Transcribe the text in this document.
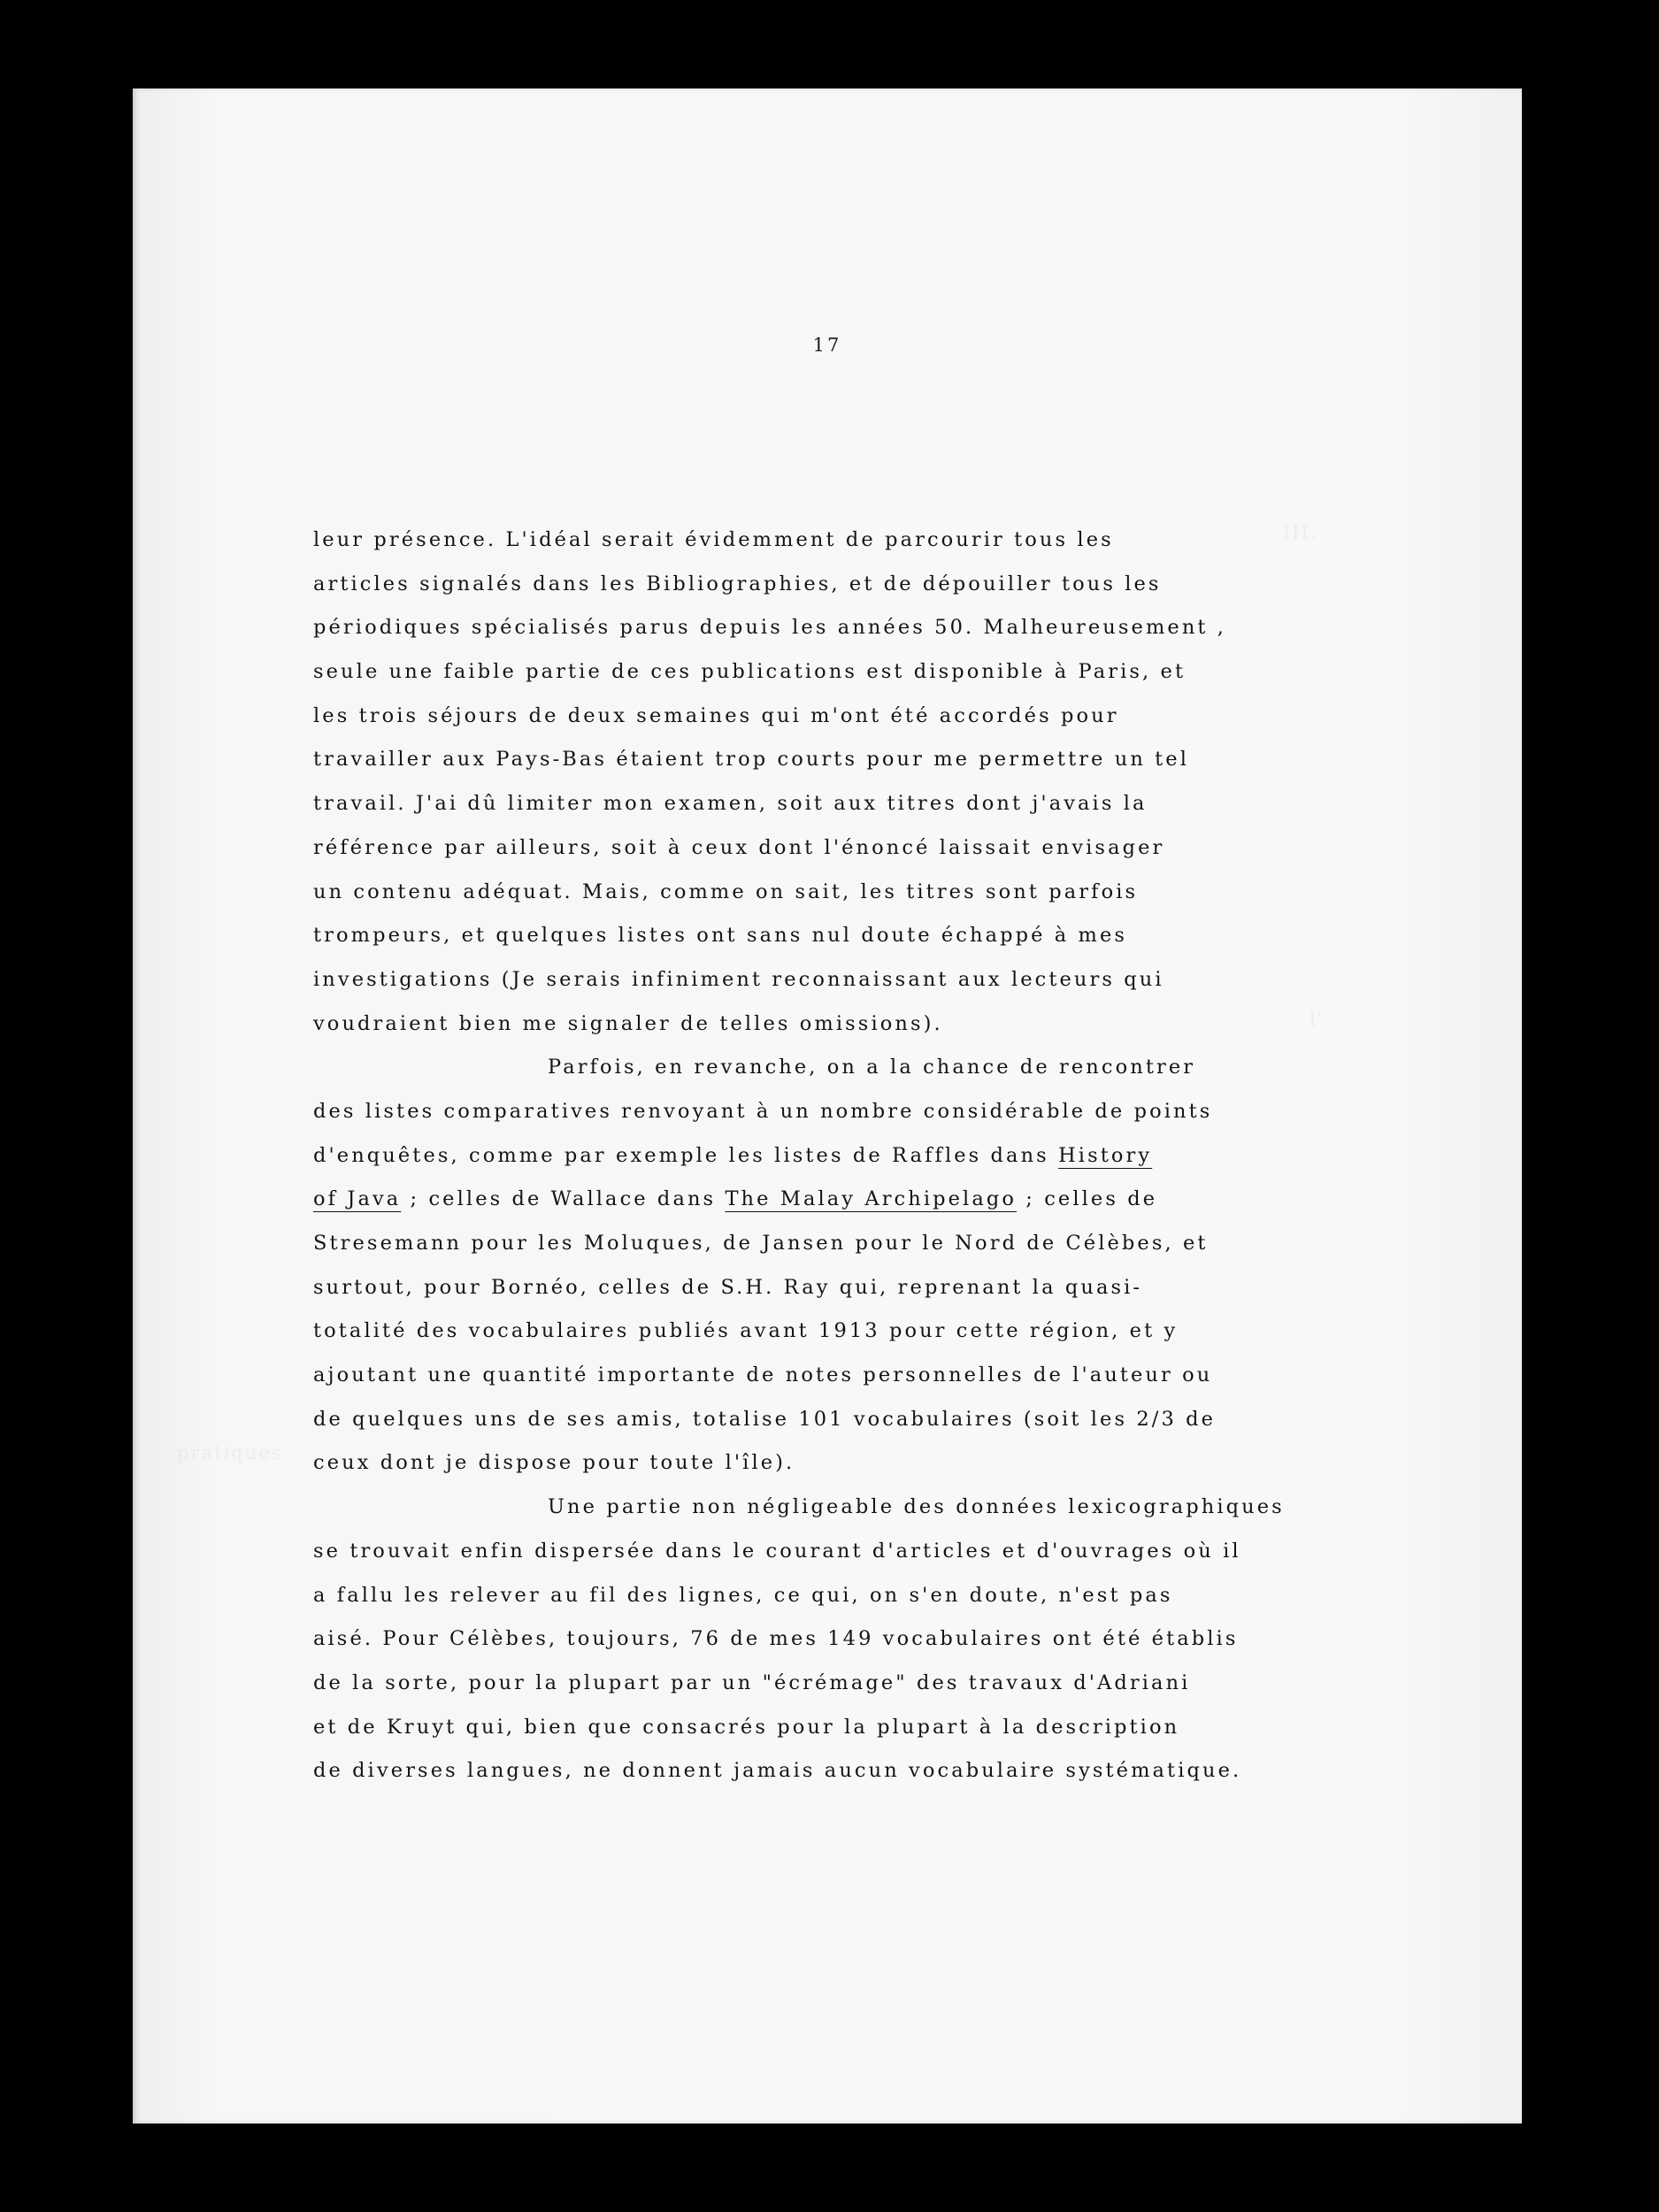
III.
l'
pratiques
17
leur présence. L'idéal serait évidemment de parcourir tous les
articles signalés dans les Bibliographies, et de dépouiller tous les
périodiques spécialisés parus depuis les années 50. Malheureusement ,
seule une faible partie de ces publications est disponible à Paris, et
les trois séjours de deux semaines qui m'ont été accordés pour
travailler aux Pays-Bas étaient trop courts pour me permettre un tel
travail. J'ai dû limiter mon examen, soit aux titres dont j'avais la
référence par ailleurs, soit à ceux dont l'énoncé laissait envisager
un contenu adéquat. Mais, comme on sait, les titres sont parfois
trompeurs, et quelques listes ont sans nul doute échappé à mes
investigations (Je serais infiniment reconnaissant aux lecteurs qui
voudraient bien me signaler de telles omissions).
Parfois, en revanche, on a la chance de rencontrer
des listes comparatives renvoyant à un nombre considérable de points
d'enquêtes, comme par exemple les listes de Raffles dans History
of Java ; celles de Wallace dans The Malay Archipelago ; celles de
Stresemann pour les Moluques, de Jansen pour le Nord de Célèbes, et
surtout, pour Bornéo, celles de S.H. Ray qui, reprenant la quasi-
totalité des vocabulaires publiés avant 1913 pour cette région, et y
ajoutant une quantité importante de notes personnelles de l'auteur ou
de quelques uns de ses amis, totalise 101 vocabulaires (soit les 2/3 de
ceux dont je dispose pour toute l'île).
Une partie non négligeable des données lexicographiques
se trouvait enfin dispersée dans le courant d'articles et d'ouvrages où il
a fallu les relever au fil des lignes, ce qui, on s'en doute, n'est pas
aisé. Pour Célèbes, toujours, 76 de mes 149 vocabulaires ont été établis
de la sorte, pour la plupart par un "écrémage" des travaux d'Adriani
et de Kruyt qui, bien que consacrés pour la plupart à la description
de diverses langues, ne donnent jamais aucun vocabulaire systématique.
